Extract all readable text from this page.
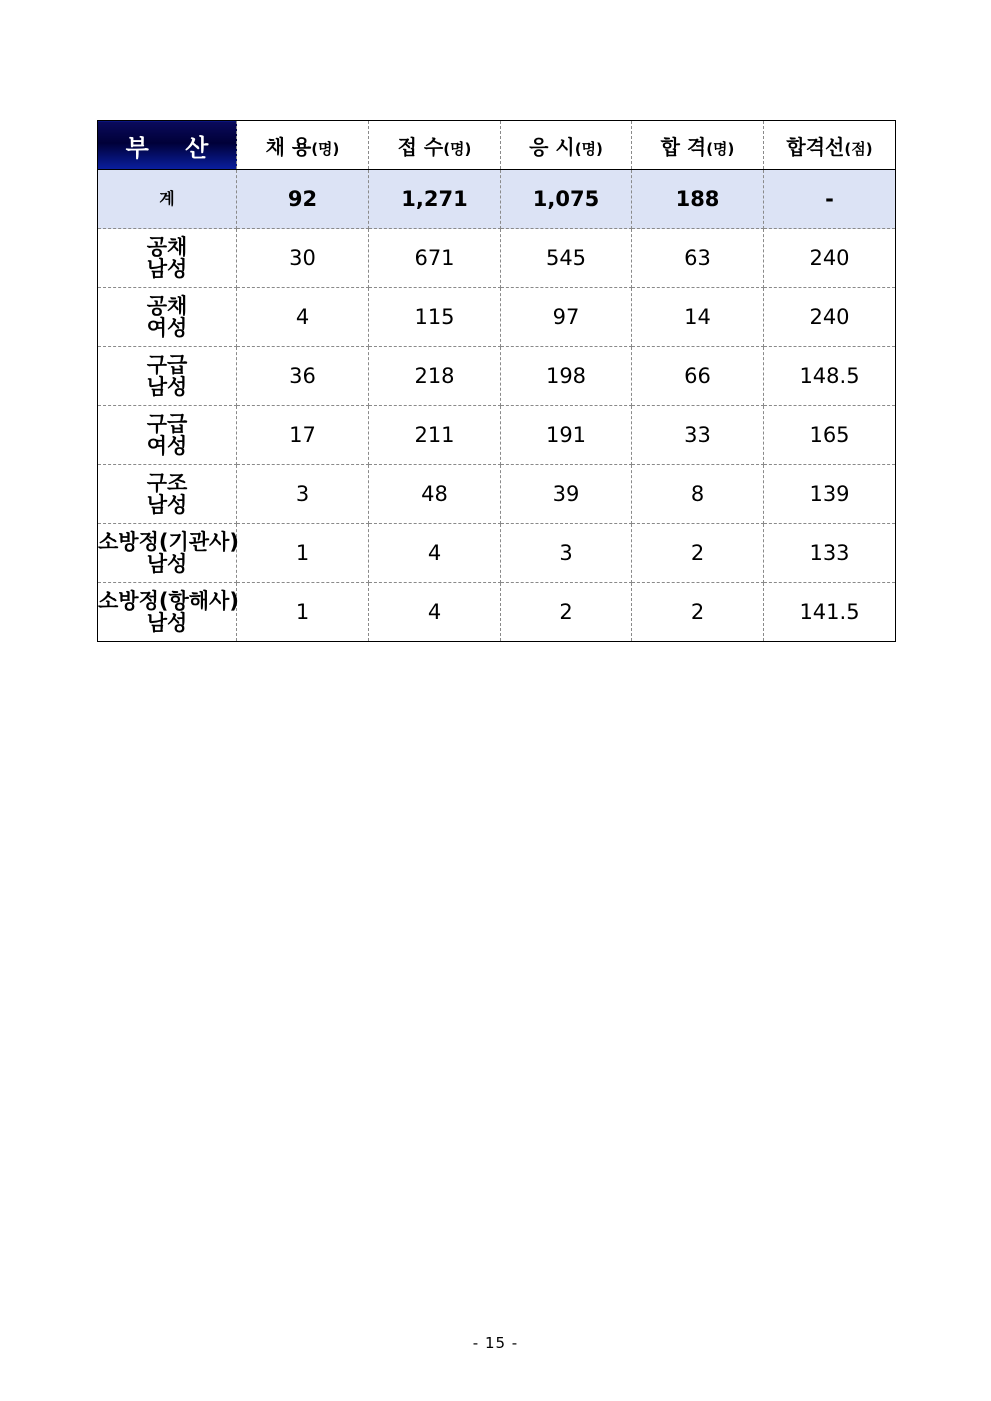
부 산	채 용(명)	접 수(명)	응 시(명)	합 격(명)	합격선(점)
계	92	1,271	1,075	188	-

공채
남성	30	671	545	63	240

공채
여성	4	115	97	14	240

구급
남성	36	218	198	66	148.5

구급
여성	17	211	191	33	165

구조
남성	3	48	39	8	139

소방정(기관사)
남성	1	4	3	2	133

소방정(항해사)
남성	1	4	2	2	141.5
- 15 -
